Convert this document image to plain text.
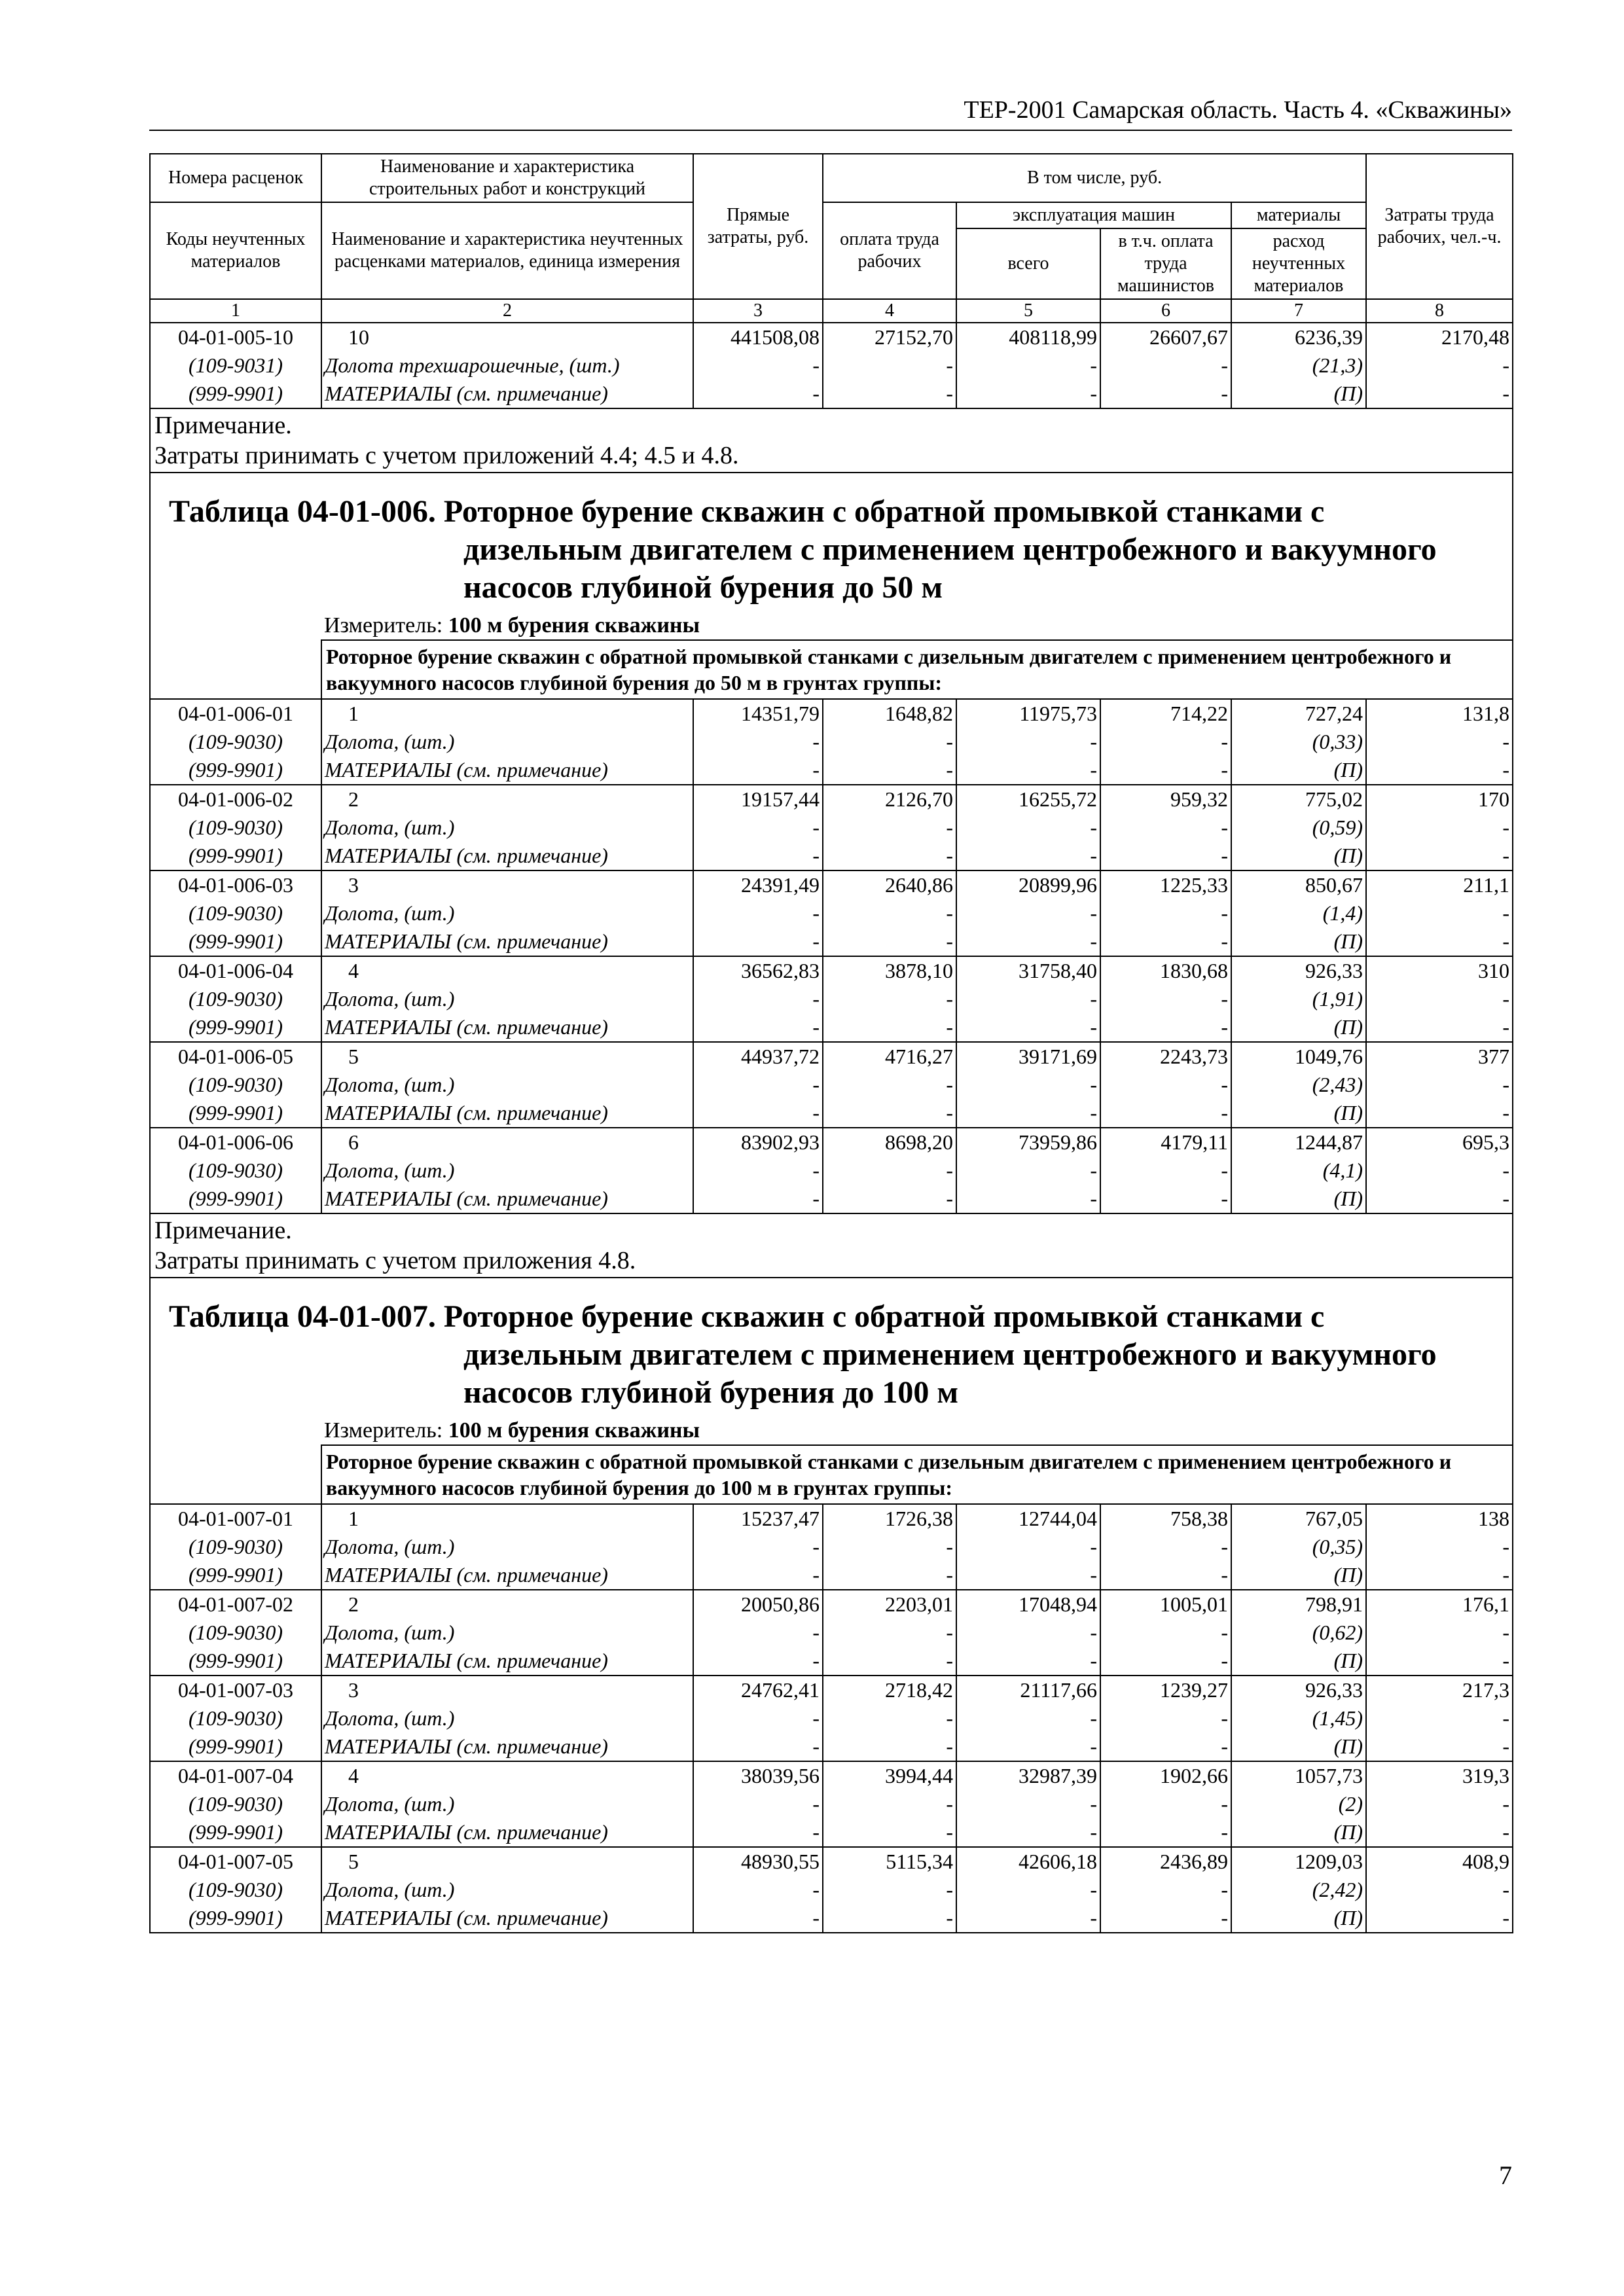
ТЕР-2001 Самарская область. Часть 4. «Скважины»
Номера расценок	Наименование и характеристика строительных работ и конструкций	Прямые затраты, руб.	В том числе, руб.				Затраты труда рабочих, чел.-ч.
Коды неучтенных материалов	Наименование и характеристика неучтенных расценками материалов, единица измерения		оплата труда рабочих	эксплуатация машин		материалы	
				всего	в т.ч. оплата труда машинистов	расход неучтенных материалов	
1	2	3	4	5	6	7	8
04-01-005-10	10	441508,08	27152,70	408118,99	26607,67	6236,39	2170,48
(109-9031)	Долота трехшарошечные, (шт.)	-	-	-	-	(21,3)	-
(999-9901)	МАТЕРИАЛЫ (см. примечание)	-	-	-	-	(П)	-

Примечание.
Затраты принимать с учетом приложений 4.4; 4.5 и 4.8.							

Таблица 04-01-006. Роторное бурение скважин с обратной промывкой станками с
дизельным двигателем с применением центробежного и вакуумного
насосов глубиной бурения до 50 м							

	Измеритель: 100 м бурения скважины						
	Роторное бурение скважин с обратной промывкой станками с дизельным двигателем с применением центробежного и вакуумного насосов глубиной бурения до 50 м в грунтах группы:						
04-01-006-01	1	14351,79	1648,82	11975,73	714,22	727,24	131,8
(109-9030)	Долота, (шт.)	-	-	-	-	(0,33)	-
(999-9901)	МАТЕРИАЛЫ (см. примечание)	-	-	-	-	(П)	-
04-01-006-02	2	19157,44	2126,70	16255,72	959,32	775,02	170
(109-9030)	Долота, (шт.)	-	-	-	-	(0,59)	-
(999-9901)	МАТЕРИАЛЫ (см. примечание)	-	-	-	-	(П)	-
04-01-006-03	3	24391,49	2640,86	20899,96	1225,33	850,67	211,1
(109-9030)	Долота, (шт.)	-	-	-	-	(1,4)	-
(999-9901)	МАТЕРИАЛЫ (см. примечание)	-	-	-	-	(П)	-
04-01-006-04	4	36562,83	3878,10	31758,40	1830,68	926,33	310
(109-9030)	Долота, (шт.)	-	-	-	-	(1,91)	-
(999-9901)	МАТЕРИАЛЫ (см. примечание)	-	-	-	-	(П)	-
04-01-006-05	5	44937,72	4716,27	39171,69	2243,73	1049,76	377
(109-9030)	Долота, (шт.)	-	-	-	-	(2,43)	-
(999-9901)	МАТЕРИАЛЫ (см. примечание)	-	-	-	-	(П)	-
04-01-006-06	6	83902,93	8698,20	73959,86	4179,11	1244,87	695,3
(109-9030)	Долота, (шт.)	-	-	-	-	(4,1)	-
(999-9901)	МАТЕРИАЛЫ (см. примечание)	-	-	-	-	(П)	-

Примечание.
Затраты принимать с учетом приложения 4.8.							

Таблица 04-01-007. Роторное бурение скважин с обратной промывкой станками с
дизельным двигателем с применением центробежного и вакуумного
насосов глубиной бурения до 100 м							

	Измеритель: 100 м бурения скважины						
	Роторное бурение скважин с обратной промывкой станками с дизельным двигателем с применением центробежного и вакуумного насосов глубиной бурения до 100 м в грунтах группы:						
04-01-007-01	1	15237,47	1726,38	12744,04	758,38	767,05	138
(109-9030)	Долота, (шт.)	-	-	-	-	(0,35)	-
(999-9901)	МАТЕРИАЛЫ (см. примечание)	-	-	-	-	(П)	-
04-01-007-02	2	20050,86	2203,01	17048,94	1005,01	798,91	176,1
(109-9030)	Долота, (шт.)	-	-	-	-	(0,62)	-
(999-9901)	МАТЕРИАЛЫ (см. примечание)	-	-	-	-	(П)	-
04-01-007-03	3	24762,41	2718,42	21117,66	1239,27	926,33	217,3
(109-9030)	Долота, (шт.)	-	-	-	-	(1,45)	-
(999-9901)	МАТЕРИАЛЫ (см. примечание)	-	-	-	-	(П)	-
04-01-007-04	4	38039,56	3994,44	32987,39	1902,66	1057,73	319,3
(109-9030)	Долота, (шт.)	-	-	-	-	(2)	-
(999-9901)	МАТЕРИАЛЫ (см. примечание)	-	-	-	-	(П)	-
04-01-007-05	5	48930,55	5115,34	42606,18	2436,89	1209,03	408,9
(109-9030)	Долота, (шт.)	-	-	-	-	(2,42)	-
(999-9901)	МАТЕРИАЛЫ (см. примечание)	-	-	-	-	(П)	-
7
